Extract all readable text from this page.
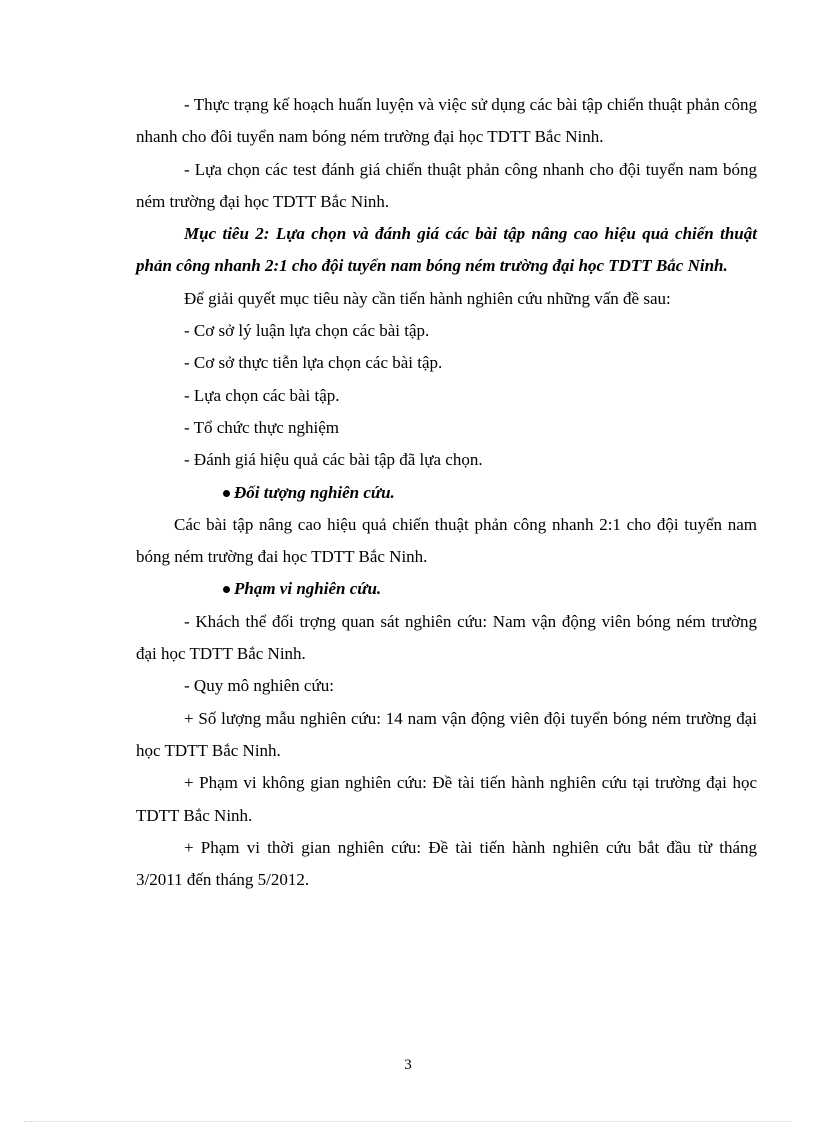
- Thực trạng kế hoạch huấn luyện và việc sử dụng các bài tập chiến thuật phản công nhanh cho đôi tuyển nam bóng ném trường đại học TDTT Bắc Ninh.

- Lựa chọn các test đánh giá chiến thuật phản công nhanh cho đội tuyển nam bóng ném trường đại học TDTT Bắc Ninh.

Mục tiêu 2: Lựa chọn và đánh giá các bài tập nâng cao hiệu quả chiến thuật phản công nhanh 2:1 cho đội tuyển nam bóng ném trường đại học TDTT Bắc Ninh.

Để giải quyết mục tiêu này cần tiến hành nghiên cứu những vấn đề sau:

- Cơ sở lý luận lựa chọn các bài tập.

- Cơ sở thực tiễn lựa chọn các bài tập.

- Lựa chọn các bài tập.

- Tổ chức thực nghiệm

- Đánh giá hiệu quả các bài tập đã lựa chọn.

Đối tượng nghiên cứu.

Các bài tập nâng cao hiệu quả chiến thuật phản công nhanh 2:1 cho đội tuyển nam bóng ném trường đai học TDTT Bắc Ninh.

Phạm vi nghiên cứu.

- Khách thể đối trợng quan sát nghiên cứu: Nam vận động viên bóng ném trường đại học TDTT Bắc Ninh.

- Quy mô nghiên cứu:

+ Số lượng mẫu nghiên cứu: 14 nam vận động viên đội tuyển bóng ném trường đại học TDTT Bắc Ninh.

+ Phạm vi không gian nghiên cứu: Đề tài tiến hành nghiên cứu tại trường đại học TDTT Bắc Ninh.

+ Phạm vi thời gian nghiên cứu: Đề tài tiến hành nghiên cứu bắt đầu từ tháng 3/2011 đến tháng 5/2012.

3
